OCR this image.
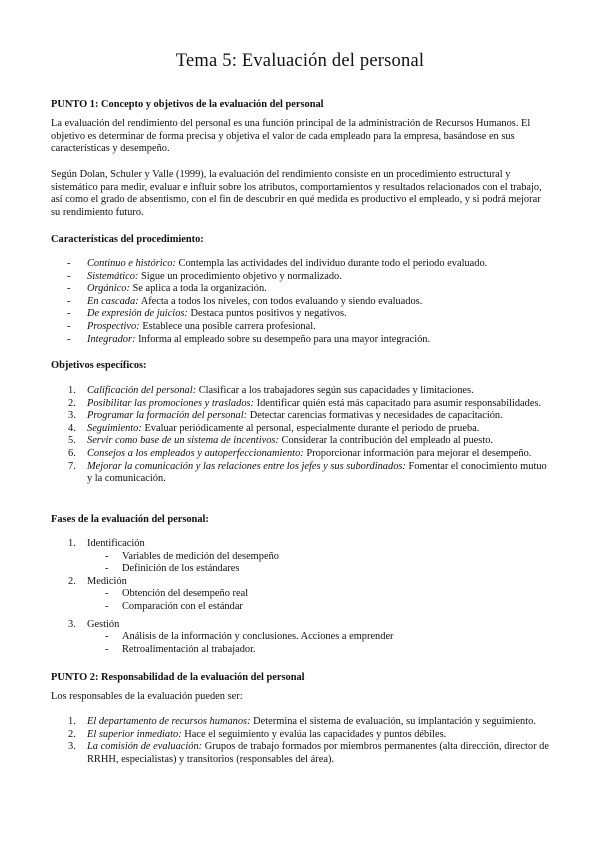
Tema 5: Evaluación del personal
PUNTO 1: Concepto y objetivos de la evaluación del personal

La evaluación del rendimiento del personal es una función principal de la administración de Recursos Humanos. El objetivo es determinar de forma precisa y objetiva el valor de cada empleado para la empresa, basándose en sus características y desempeño.

Según Dolan, Schuler y Valle (1999), la evaluación del rendimiento consiste en un procedimiento estructural y sistemático para medir, evaluar e influir sobre los atributos, comportamientos y resultados relacionados con el trabajo, así como el grado de absentismo, con el fin de descubrir en qué medida es productivo el empleado, y si podrá mejorar su rendimiento futuro.

Características del procedimiento:
- Continuo e histórico: Contempla las actividades del individuo durante todo el periodo evaluado.
- Sistemático: Sigue un procedimiento objetivo y normalizado.
- Orgánico: Se aplica a toda la organización.
- En cascada: Afecta a todos los niveles, con todos evaluando y siendo evaluados.
- De expresión de juicios: Destaca puntos positivos y negativos.
- Prospectivo: Establece una posible carrera profesional.
- Integrador: Informa al empleado sobre su desempeño para una mayor integración.
Objetivos específicos:
1. Calificación del personal: Clasificar a los trabajadores según sus capacidades y limitaciones.
2. Posibilitar las promociones y traslados: Identificar quién está más capacitado para asumir responsabilidades.
3. Programar la formación del personal: Detectar carencias formativas y necesidades de capacitación.
4. Seguimiento: Evaluar periódicamente al personal, especialmente durante el periodo de prueba.
5. Servir como base de un sistema de incentivos: Considerar la contribución del empleado al puesto.
6. Consejos a los empleados y autoperfeccionamiento: Proporcionar información para mejorar el desempeño.
7. Mejorar la comunicación y las relaciones entre los jefes y sus subordinados: Fomentar el conocimiento mutuo y la comunicación.
Fases de la evaluación del personal:
1. Identificación
- Variables de medición del desempeño
- Definición de los estándares
2. Medición
- Obtención del desempeño real
- Comparación con el estándar
3. Gestión
- Análisis de la información y conclusiones. Acciones a emprender
- Retroalimentación al trabajador.
PUNTO 2: Responsabilidad de la evaluación del personal
Los responsables de la evaluación pueden ser:
1. El departamento de recursos humanos: Determina el sistema de evaluación, su implantación y seguimiento.
2. El superior inmediato: Hace el seguimiento y evalúa las capacidades y puntos débiles.
3. La comisión de evaluación: Grupos de trabajo formados por miembros permanentes (alta dirección, director de RRHH, especialistas) y transitorios (responsables del área).
